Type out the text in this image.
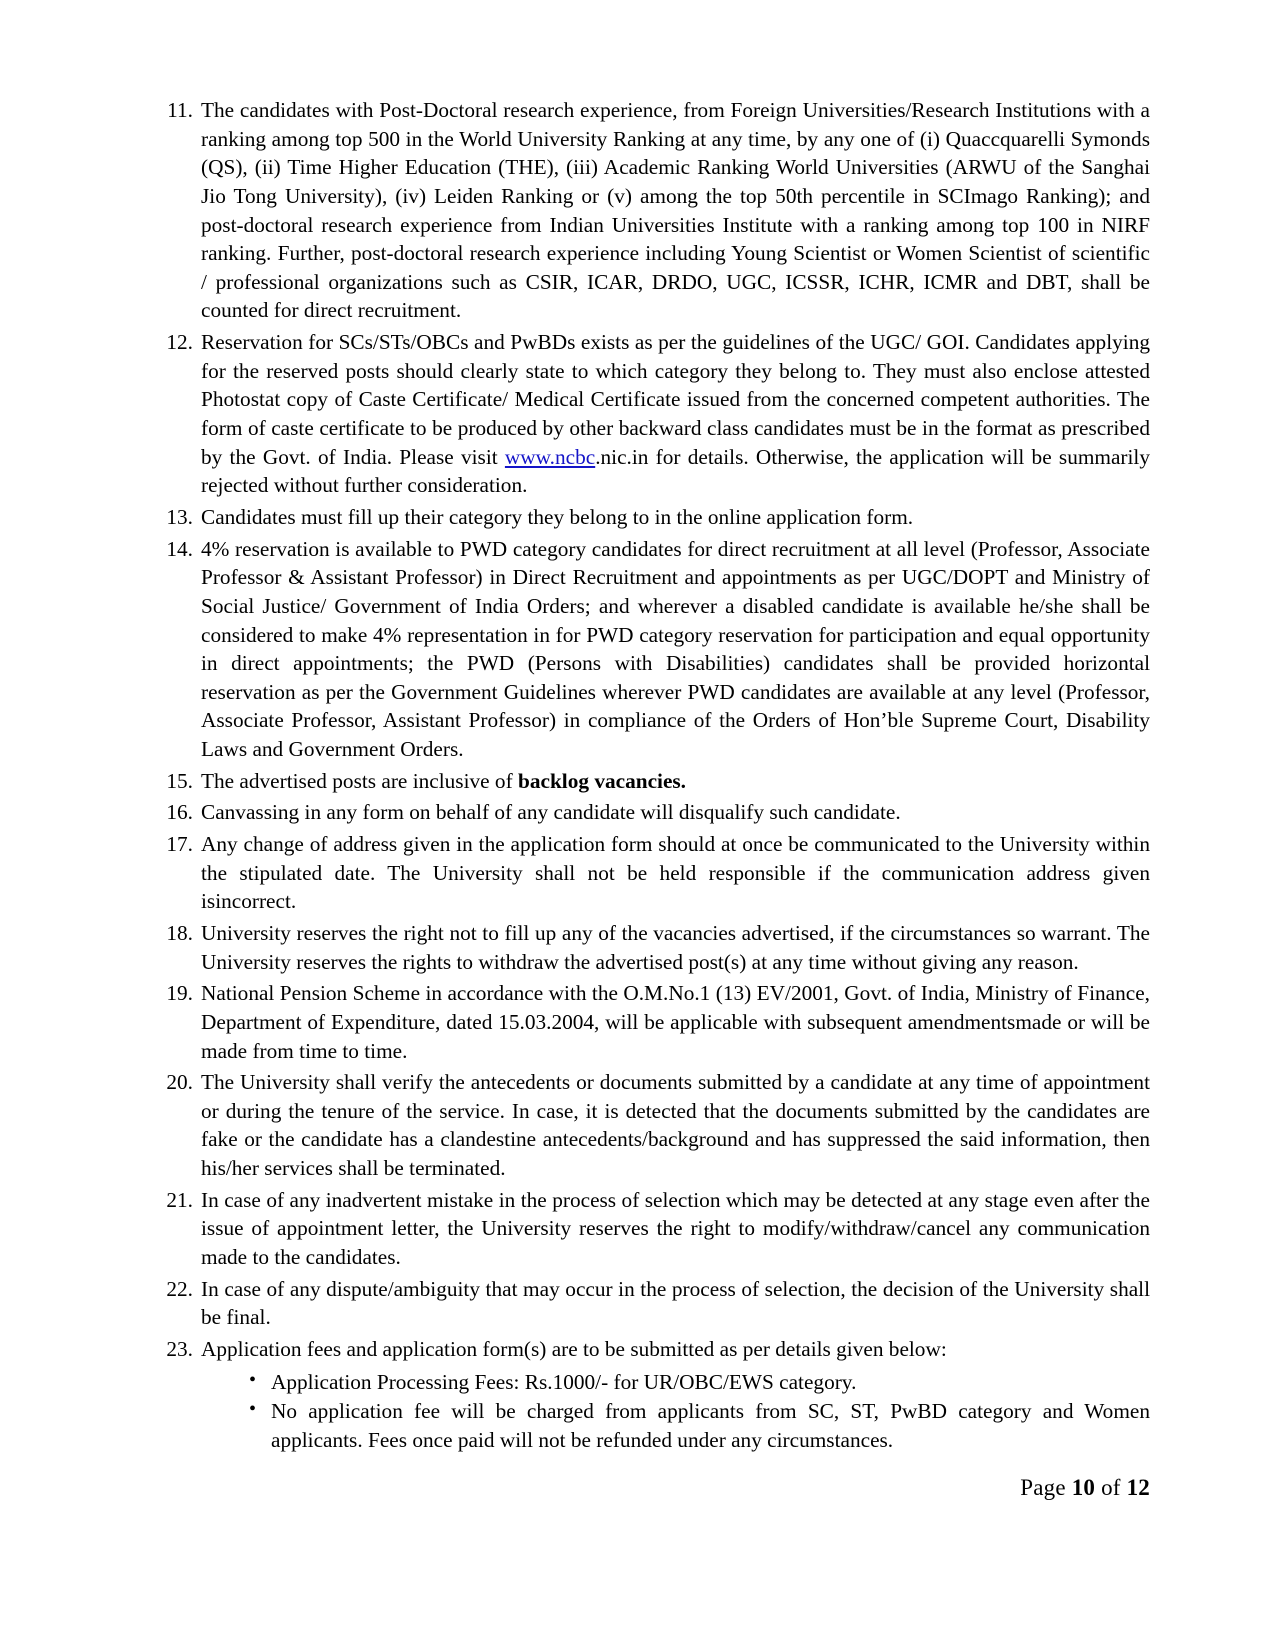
The candidates with Post-Doctoral research experience, from Foreign Universities/Research Institutions with a ranking among top 500 in the World University Ranking at any time, by any one of (i) Quaccquarelli Symonds (QS), (ii) Time Higher Education (THE), (iii) Academic Ranking World Universities (ARWU of the Sanghai Jio Tong University), (iv) Leiden Ranking or (v) among the top 50th percentile in SCImago Ranking); and post-doctoral research experience from Indian Universities Institute with a ranking among top 100 in NIRF ranking. Further, post-doctoral research experience including Young Scientist or Women Scientist of scientific / professional organizations such as CSIR, ICAR, DRDO, UGC, ICSSR, ICHR, ICMR and DBT, shall be counted for direct recruitment.

Reservation for SCs/STs/OBCs and PwBDs exists as per the guidelines of the UGC/ GOI. Candidates applying for the reserved posts should clearly state to which category they belong to. They must also enclose attested Photostat copy of Caste Certificate/ Medical Certificate issued from the concerned competent authorities. The form of caste certificate to be produced by other backward class candidates must be in the format as prescribed by the Govt. of India. Please visit www.ncbc.nic.in for details. Otherwise, the application will be summarily rejected without further consideration.

Candidates must fill up their category they belong to in the online application form.

4% reservation is available to PWD category candidates for direct recruitment at all level (Professor, Associate Professor & Assistant Professor) in Direct Recruitment and appointments as per UGC/DOPT and Ministry of Social Justice/ Government of India Orders; and wherever a disabled candidate is available he/she shall be considered to make 4% representation in for PWD category reservation for participation and equal opportunity in direct appointments; the PWD (Persons with Disabilities) candidates shall be provided horizontal reservation as per the Government Guidelines wherever PWD candidates are available at any level (Professor, Associate Professor, Assistant Professor) in compliance of the Orders of Hon’ble Supreme Court, Disability Laws and Government Orders.

The advertised posts are inclusive of backlog vacancies.

Canvassing in any form on behalf of any candidate will disqualify such candidate.

Any change of address given in the application form should at once be communicated to the University within the stipulated date. The University shall not be held responsible if the communication address given isincorrect.

University reserves the right not to fill up any of the vacancies advertised, if the circumstances so warrant. The University reserves the rights to withdraw the advertised post(s) at any time without giving any reason.

National Pension Scheme in accordance with the O.M.No.1 (13) EV/2001, Govt. of India, Ministry of Finance, Department of Expenditure, dated 15.03.2004, will be applicable with subsequent amendmentsmade or will be made from time to time.

The University shall verify the antecedents or documents submitted by a candidate at any time of appointment or during the tenure of the service. In case, it is detected that the documents submitted by the candidates are fake or the candidate has a clandestine antecedents/background and has suppressed the said information, then his/her services shall be terminated.

In case of any inadvertent mistake in the process of selection which may be detected at any stage even after the issue of appointment letter, the University reserves the right to modify/withdraw/cancel any communication made to the candidates.

In case of any dispute/ambiguity that may occur in the process of selection, the decision of the University shall be final.

Application fees and application form(s) are to be submitted as per details given below:

• Application Processing Fees: Rs.1000/- for UR/OBC/EWS category.
• No application fee will be charged from applicants from SC, ST, PwBD category and Women applicants. Fees once paid will not be refunded under any circumstances.
Page 10 of 12
